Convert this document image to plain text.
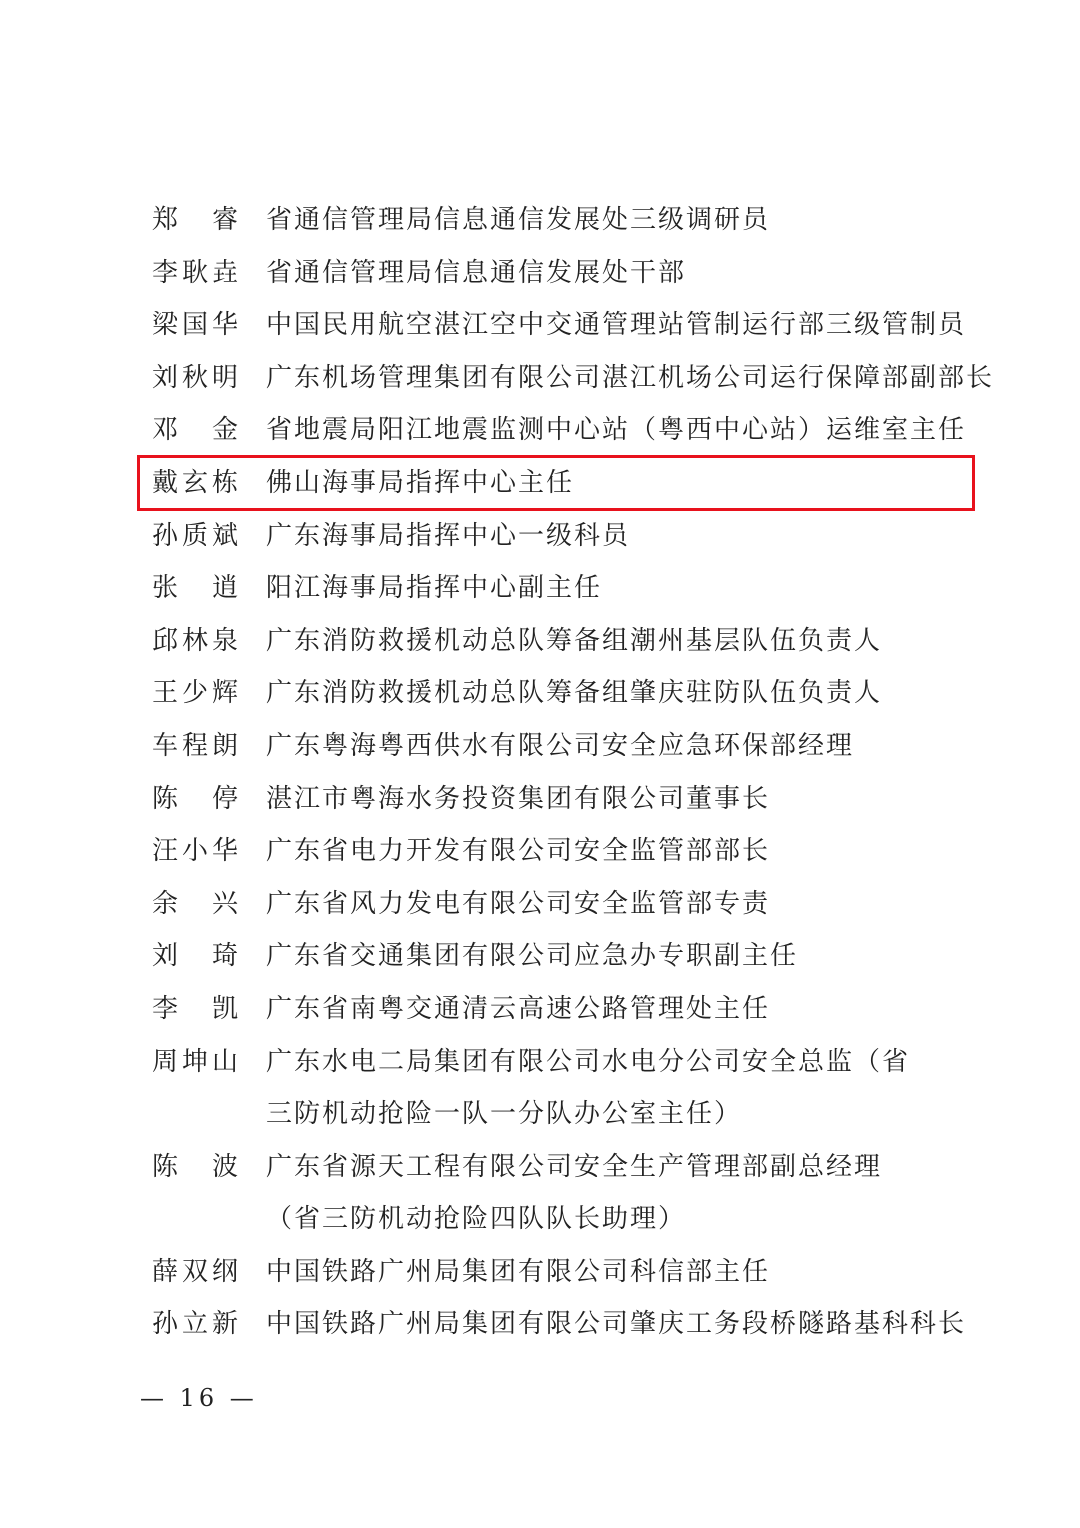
郑　睿 省通信管理局信息通信发展处三级调研员
李耿垚 省通信管理局信息通信发展处干部
梁国华 中国民用航空湛江空中交通管理站管制运行部三级管制员
刘秋明 广东机场管理集团有限公司湛江机场公司运行保障部副部长
邓　金 省地震局阳江地震监测中心站（粤西中心站）运维室主任
戴玄栋 佛山海事局指挥中心主任
孙质斌 广东海事局指挥中心一级科员
张　逍 阳江海事局指挥中心副主任
邱林泉 广东消防救援机动总队筹备组潮州基层队伍负责人
王少辉 广东消防救援机动总队筹备组肇庆驻防队伍负责人
车程朗 广东粤海粤西供水有限公司安全应急环保部经理
陈　停 湛江市粤海水务投资集团有限公司董事长
汪小华 广东省电力开发有限公司安全监管部部长
余　兴 广东省风力发电有限公司安全监管部专责
刘　琦 广东省交通集团有限公司应急办专职副主任
李　凯 广东省南粤交通清云高速公路管理处主任
周坤山 广东水电二局集团有限公司水电分公司安全总监（省
三防机动抢险一队一分队办公室主任）
陈　波 广东省源天工程有限公司安全生产管理部副总经理
（省三防机动抢险四队队长助理）
薛双纲 中国铁路广州局集团有限公司科信部主任
孙立新 中国铁路广州局集团有限公司肇庆工务段桥隧路基科科长
— 16 —
